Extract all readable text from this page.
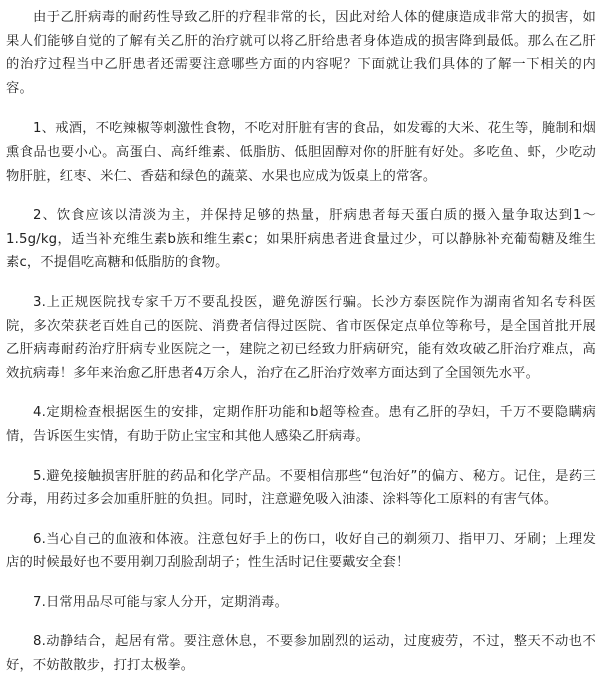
由于乙肝病毒的耐药性导致乙肝的疗程非常的长，因此对给人体的健康造成非常大的损害，如果人们能够自觉的了解有关乙肝的治疗就可以将乙肝给患者身体造成的损害降到最低。那么在乙肝的治疗过程当中乙肝患者还需要注意哪些方面的内容呢？下面就让我们具体的了解一下相关的内容。

1、戒酒，不吃辣椒等刺激性食物，不吃对肝脏有害的食品，如发霉的大米、花生等，腌制和烟熏食品也要小心。高蛋白、高纤维素、低脂肪、低胆固醇对你的肝脏有好处。多吃鱼、虾，少吃动物肝脏，红枣、米仁、香菇和绿色的蔬菜、水果也应成为饭桌上的常客。

2、饮食应该以清淡为主，并保持足够的热量，肝病患者每天蛋白质的摄入量争取达到1～1.5g/kg，适当补充维生素b族和维生素c；如果肝病患者进食量过少，可以静脉补充葡萄糖及维生素c，不提倡吃高糖和低脂肪的食物。

3.上正规医院找专家千万不要乱投医，避免游医行骗。长沙方泰医院作为湖南省知名专科医院，多次荣获老百姓自己的医院、消费者信得过医院、省市医保定点单位等称号，是全国首批开展乙肝病毒耐药治疗肝病专业医院之一，建院之初已经致力肝病研究，能有效攻破乙肝治疗难点，高效抗病毒！多年来治愈乙肝患者4万余人，治疗在乙肝治疗效率方面达到了全国领先水平。

4.定期检查根据医生的安排，定期作肝功能和b超等检查。患有乙肝的孕妇，千万不要隐瞒病情，告诉医生实情，有助于防止宝宝和其他人感染乙肝病毒。

5.避免接触损害肝脏的药品和化学产品。不要相信那些“包治好”的偏方、秘方。记住，是药三分毒，用药过多会加重肝脏的负担。同时，注意避免吸入油漆、涂料等化工原料的有害气体。

6.当心自己的血液和体液。注意包好手上的伤口，收好自己的剃须刀、指甲刀、牙刷；上理发店的时候最好也不要用剃刀刮脸刮胡子；性生活时记住要戴安全套！

7.日常用品尽可能与家人分开，定期消毒。

8.动静结合，起居有常。要注意休息，不要参加剧烈的运动，过度疲劳，不过，整天不动也不好，不妨散散步，打打太极拳。
